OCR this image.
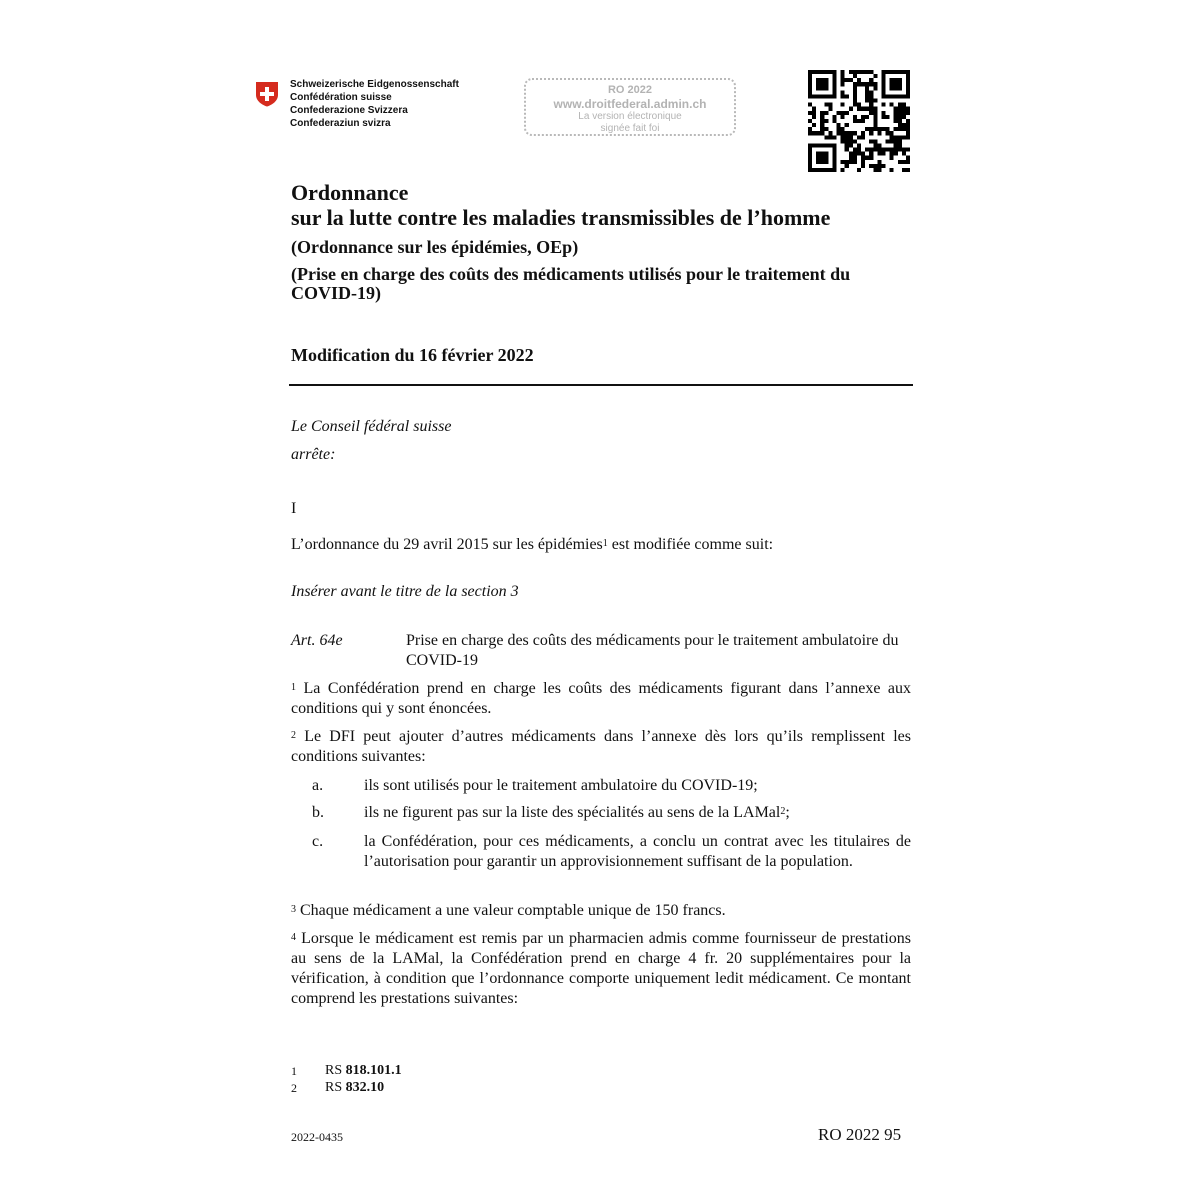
Schweizerische Eidgenossenschaft
Confédération suisse
Confederazione Svizzera
Confederaziun svizra
RO 2022
www.droitfederal.admin.ch
La version électronique
signée fait foi
Ordonnance
sur la lutte contre les maladies transmissibles de l’homme
(Ordonnance sur les épidémies, OEp)
(Prise en charge des coûts des médicaments utilisés pour le traitement du COVID-19)
Modification du 16 février 2022
Le Conseil fédéral suisse
arrête:
I
L’ordonnance du 29 avril 2015 sur les épidémies$^1$ est modifiée comme suit:
Insérer avant le titre de la section 3
Art. 64e	Prise en charge des coûts des médicaments pour le traitement ambulatoire du COVID-19
$^1$ La Confédération prend en charge les coûts des médicaments figurant dans l’annexe aux conditions qui y sont énoncées.
$^2$ Le DFI peut ajouter d’autres médicaments dans l’annexe dès lors qu’ils remplissent les conditions suivantes:
a.	ils sont utilisés pour le traitement ambulatoire du COVID-19;
b.	ils ne figurent pas sur la liste des spécialités au sens de la LAMal$^2$;
c.	la Confédération, pour ces médicaments, a conclu un contrat avec les titulaires de l’autorisation pour garantir un approvisionnement suffisant de la population.
$^3$ Chaque médicament a une valeur comptable unique de 150 francs.
$^4$ Lorsque le médicament est remis par un pharmacien admis comme fournisseur de prestations au sens de la LAMal, la Confédération prend en charge 4 fr. 20 supplémentaires pour la vérification, à condition que l’ordonnance comporte uniquement ledit médicament. Ce montant comprend les prestations suivantes:
1	RS
818.101.1
2	RS
832.10
2022-0435	RO 2022 95
